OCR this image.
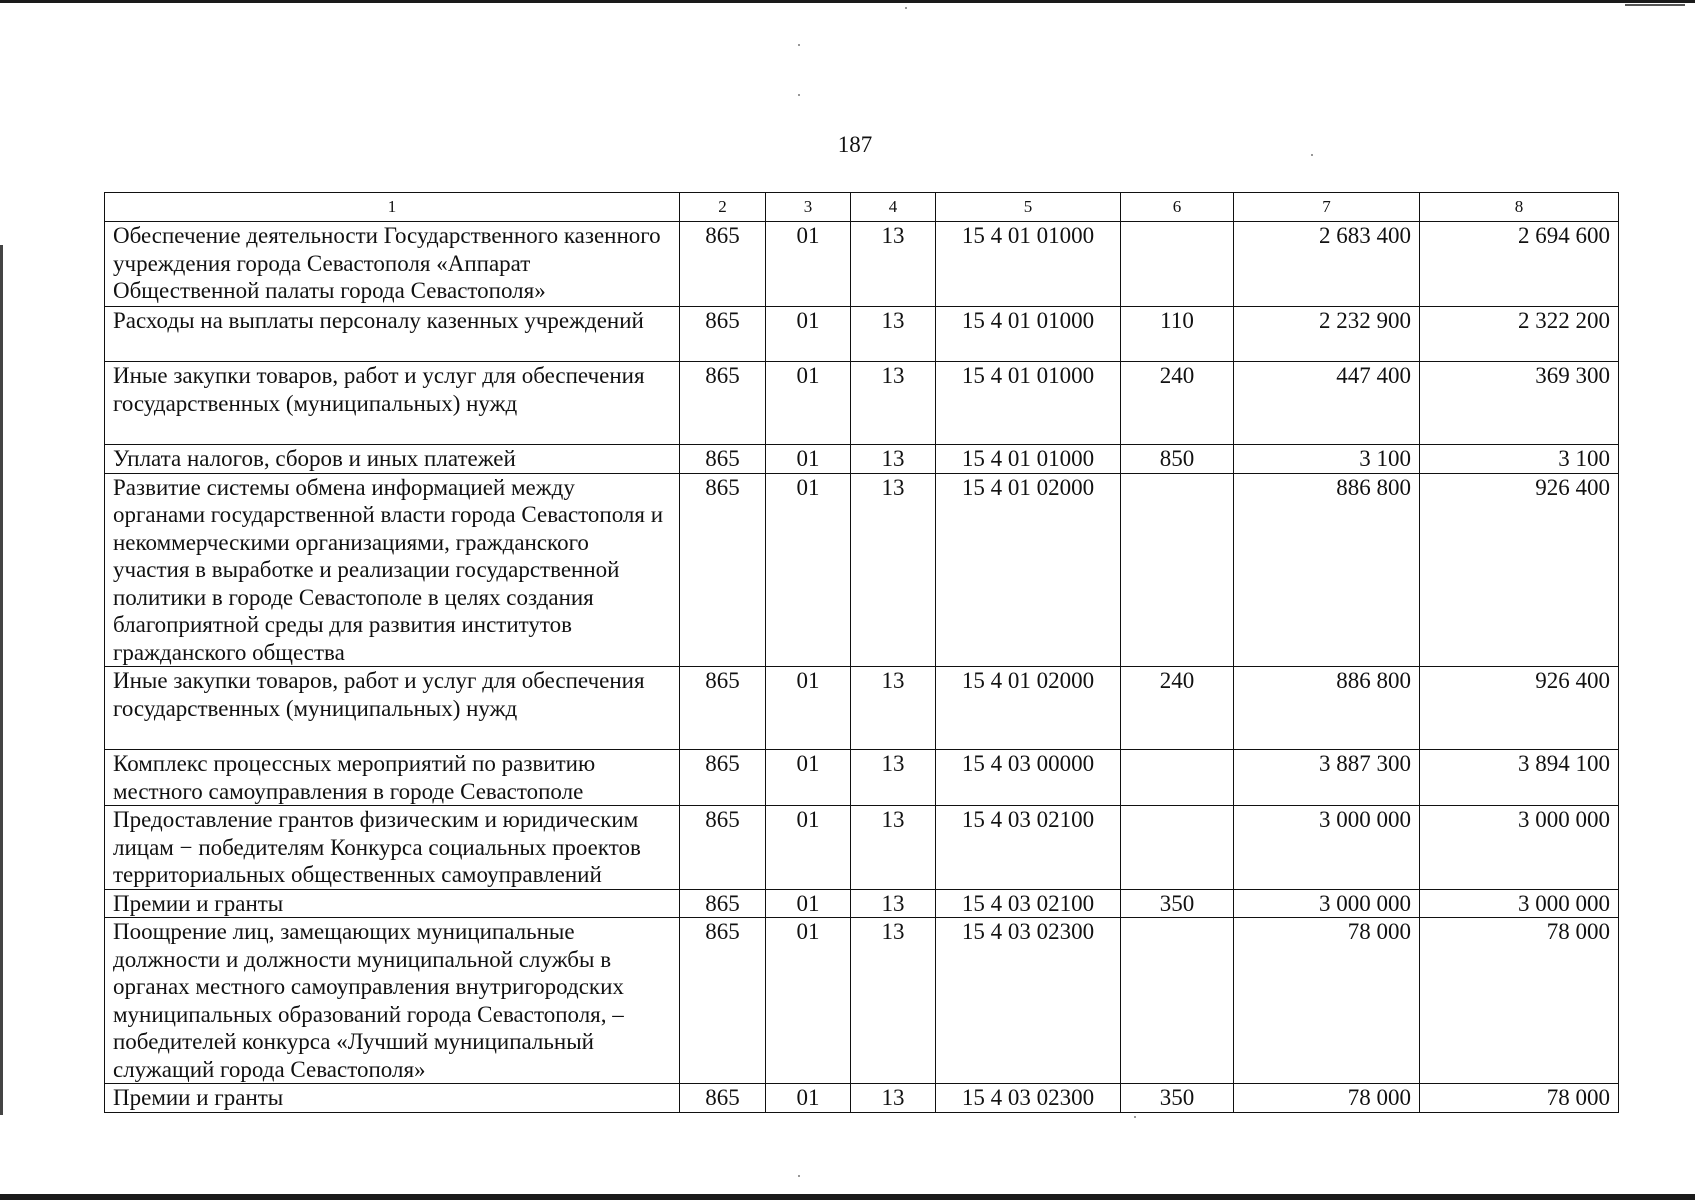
187
1	2	3	4	5	6	7	8
Обеспечение деятельности Государственного казенного учреждения города Севастополя «Аппарат Общественной палаты города Севастополя»	865	01	13	15 4 01 01000		2 683 400	2 694 600
Расходы на выплаты персоналу казенных учреждений	865	01	13	15 4 01 01000	110	2 232 900	2 322 200
Иные закупки товаров, работ и услуг для обеспечения государственных (муниципальных) нужд	865	01	13	15 4 01 01000	240	447 400	369 300
Уплата налогов, сборов и иных платежей	865	01	13	15 4 01 01000	850	3 100	3 100
Развитие системы обмена информацией между органами государственной власти города Севастополя и некоммерческими организациями, гражданского участия в выработке и реализации государственной политики в городе Севастополе в целях создания благоприятной среды для развития институтов гражданского общества	865	01	13	15 4 01 02000		886 800	926 400
Иные закупки товаров, работ и услуг для обеспечения государственных (муниципальных) нужд	865	01	13	15 4 01 02000	240	886 800	926 400
Комплекс процессных мероприятий по развитию местного самоуправления в городе Севастополе	865	01	13	15 4 03 00000		3 887 300	3 894 100
Предоставление грантов физическим и юридическим лицам − победителям Конкурса социальных проектов территориальных общественных самоуправлений	865	01	13	15 4 03 02100		3 000 000	3 000 000
Премии и гранты	865	01	13	15 4 03 02100	350	3 000 000	3 000 000
Поощрение лиц, замещающих муниципальные должности и должности муниципальной службы в органах местного самоуправления внутригородских муниципальных образований города Севастополя, – победителей конкурса «Лучший муниципальный служащий города Севастополя»	865	01	13	15 4 03 02300		78 000	78 000
Премии и гранты	865	01	13	15 4 03 02300	350	78 000	78 000
